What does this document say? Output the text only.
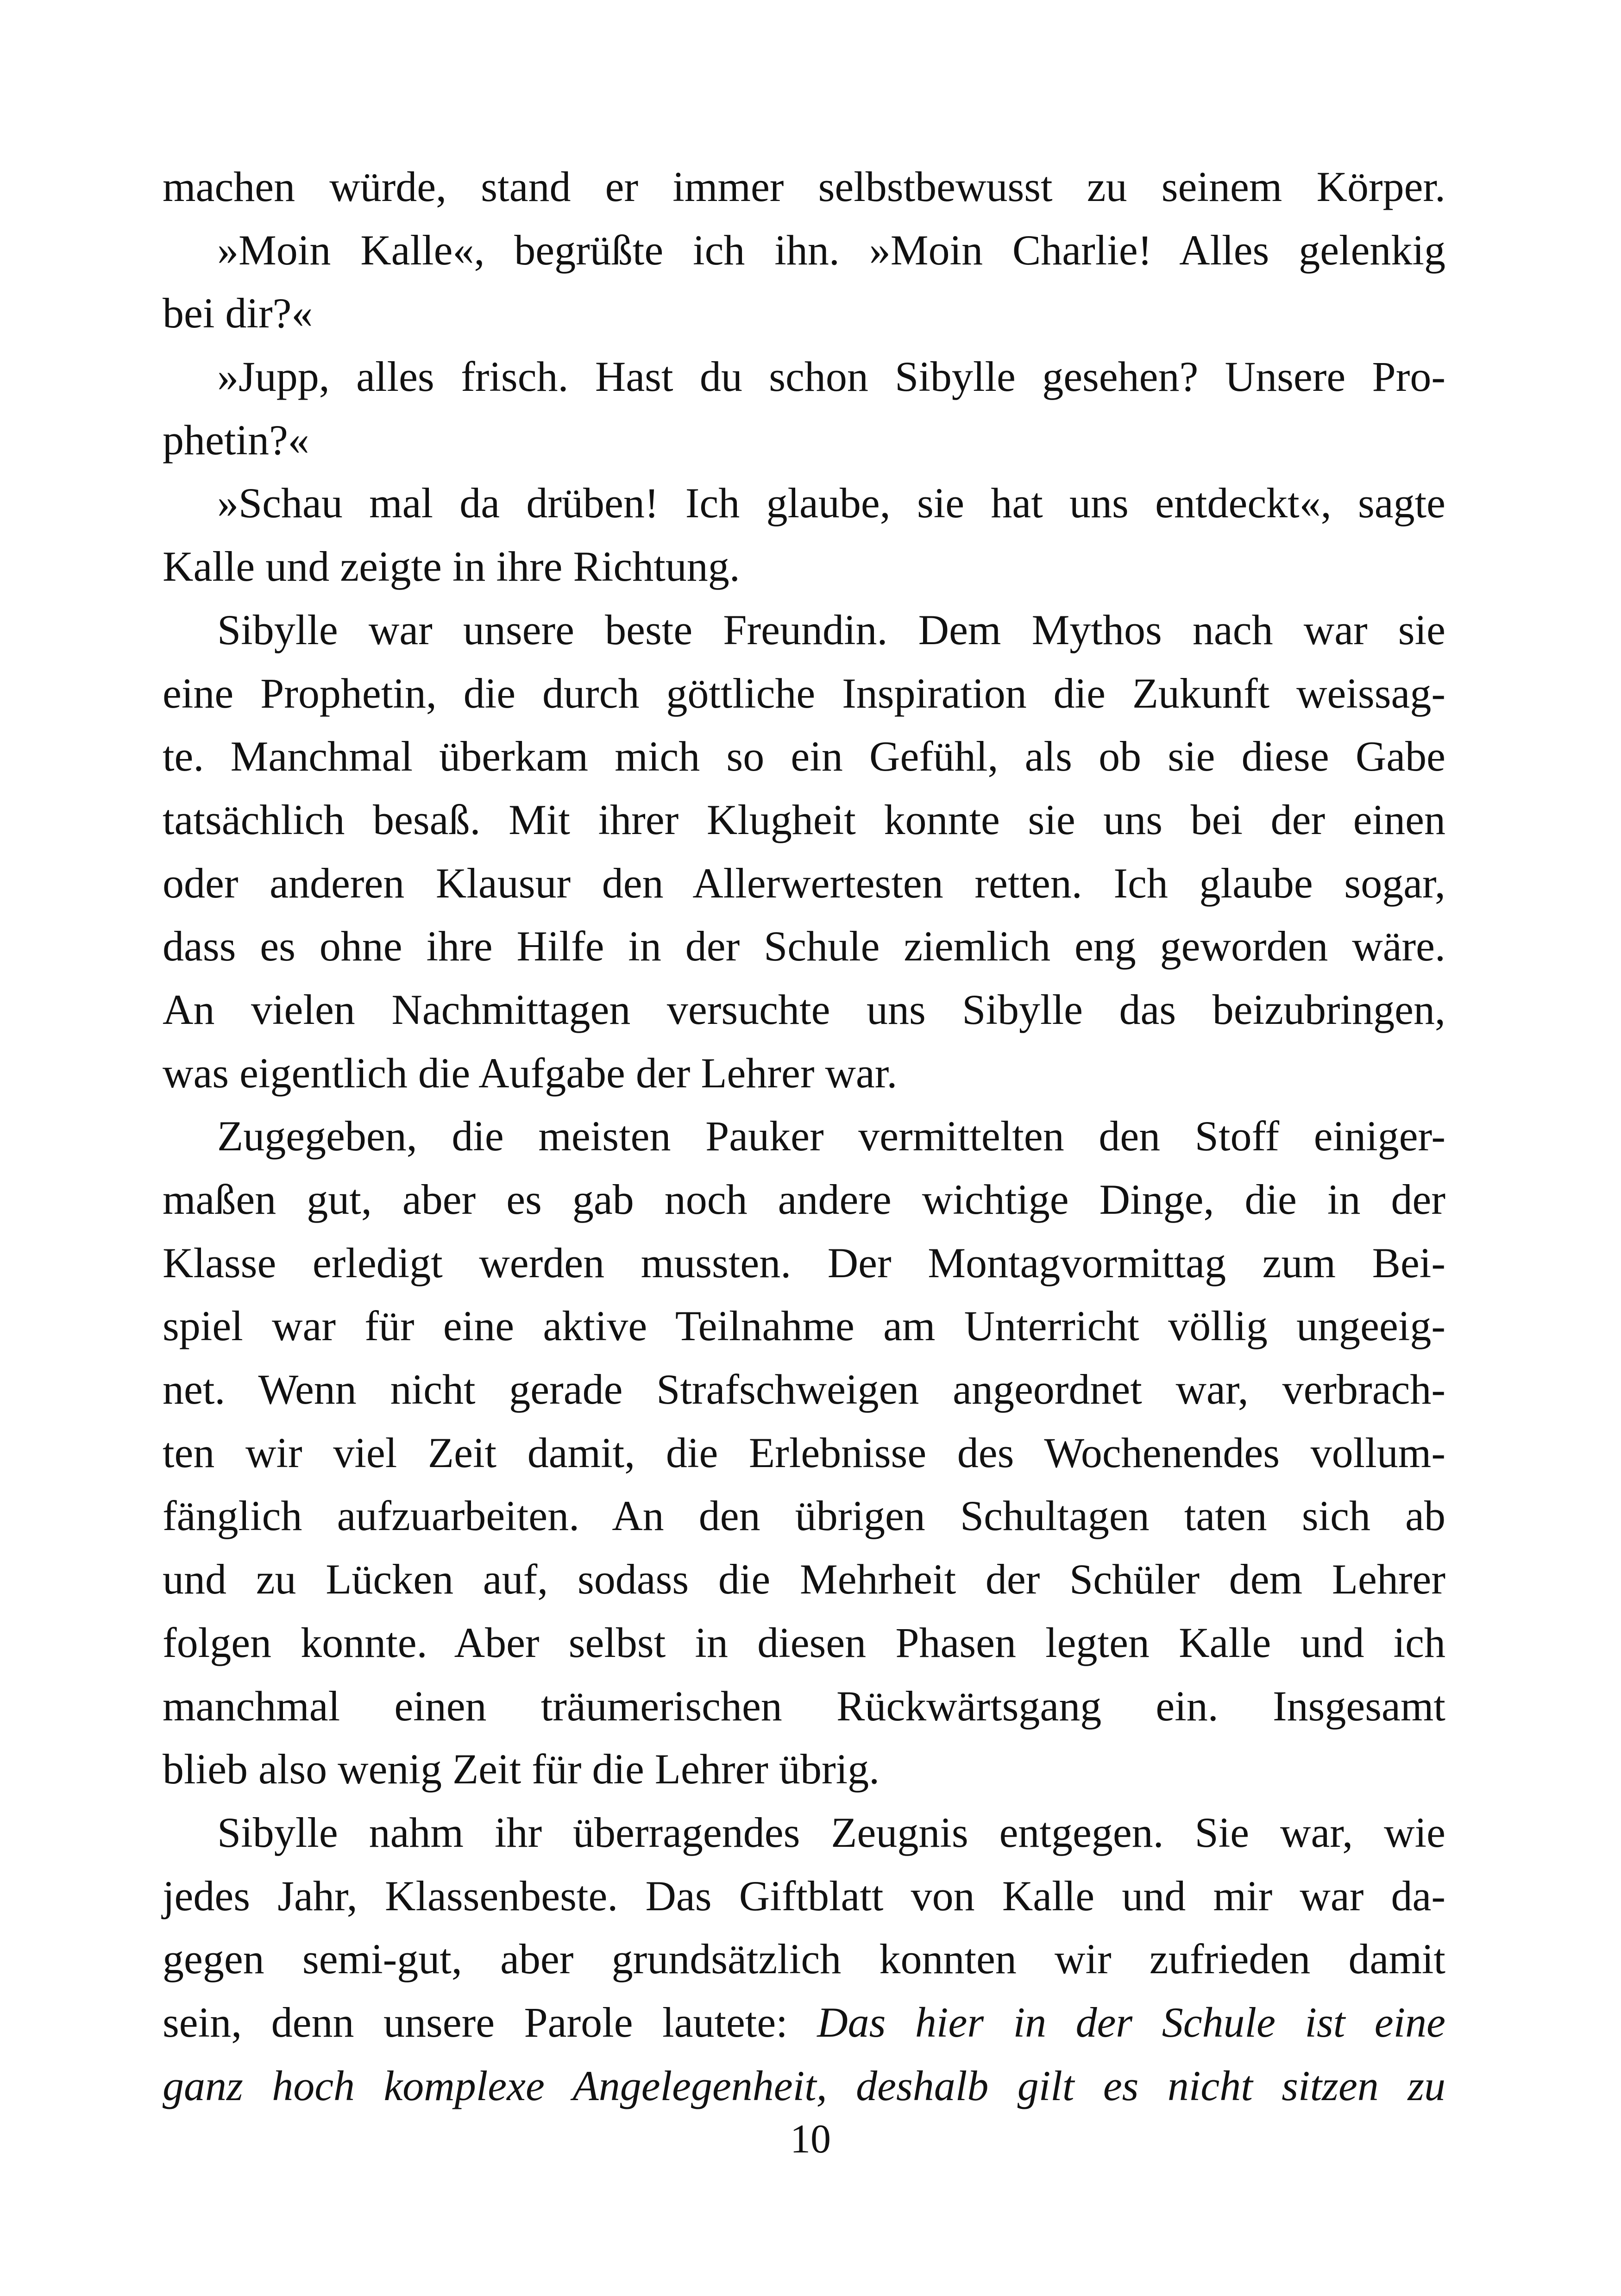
machen würde, stand er immer selbstbewusst zu seinem Körper.
»Moin Kalle«, begrüßte ich ihn. »Moin Charlie! Alles gelenkig
bei dir?«
»Jupp, alles frisch. Hast du schon Sibylle gesehen? Unsere Pro-
phetin?«
»Schau mal da drüben! Ich glaube, sie hat uns entdeckt«, sagte
Kalle und zeigte in ihre Richtung.
Sibylle war unsere beste Freundin. Dem Mythos nach war sie
eine Prophetin, die durch göttliche Inspiration die Zukunft weissag-
te. Manchmal überkam mich so ein Gefühl, als ob sie diese Gabe
tatsächlich besaß. Mit ihrer Klugheit konnte sie uns bei der einen
oder anderen Klausur den Allerwertesten retten. Ich glaube sogar,
dass es ohne ihre Hilfe in der Schule ziemlich eng geworden wäre.
An vielen Nachmittagen versuchte uns Sibylle das beizubringen,
was eigentlich die Aufgabe der Lehrer war.
Zugegeben, die meisten Pauker vermittelten den Stoff einiger-
maßen gut, aber es gab noch andere wichtige Dinge, die in der
Klasse erledigt werden mussten. Der Montagvormittag zum Bei-
spiel war für eine aktive Teilnahme am Unterricht völlig ungeeig-
net. Wenn nicht gerade Strafschweigen angeordnet war, verbrach-
ten wir viel Zeit damit, die Erlebnisse des Wochenendes vollum-
fänglich aufzuarbeiten. An den übrigen Schultagen taten sich ab
und zu Lücken auf, sodass die Mehrheit der Schüler dem Lehrer
folgen konnte. Aber selbst in diesen Phasen legten Kalle und ich
manchmal einen träumerischen Rückwärtsgang ein. Insgesamt
blieb also wenig Zeit für die Lehrer übrig.
Sibylle nahm ihr überragendes Zeugnis entgegen. Sie war, wie
jedes Jahr, Klassenbeste. Das Giftblatt von Kalle und mir war da-
gegen semi-gut, aber grundsätzlich konnten wir zufrieden damit
sein, denn unsere Parole lautete: Das hier in der Schule ist eine
ganz hoch komplexe Angelegenheit, deshalb gilt es nicht sitzen zu
10
